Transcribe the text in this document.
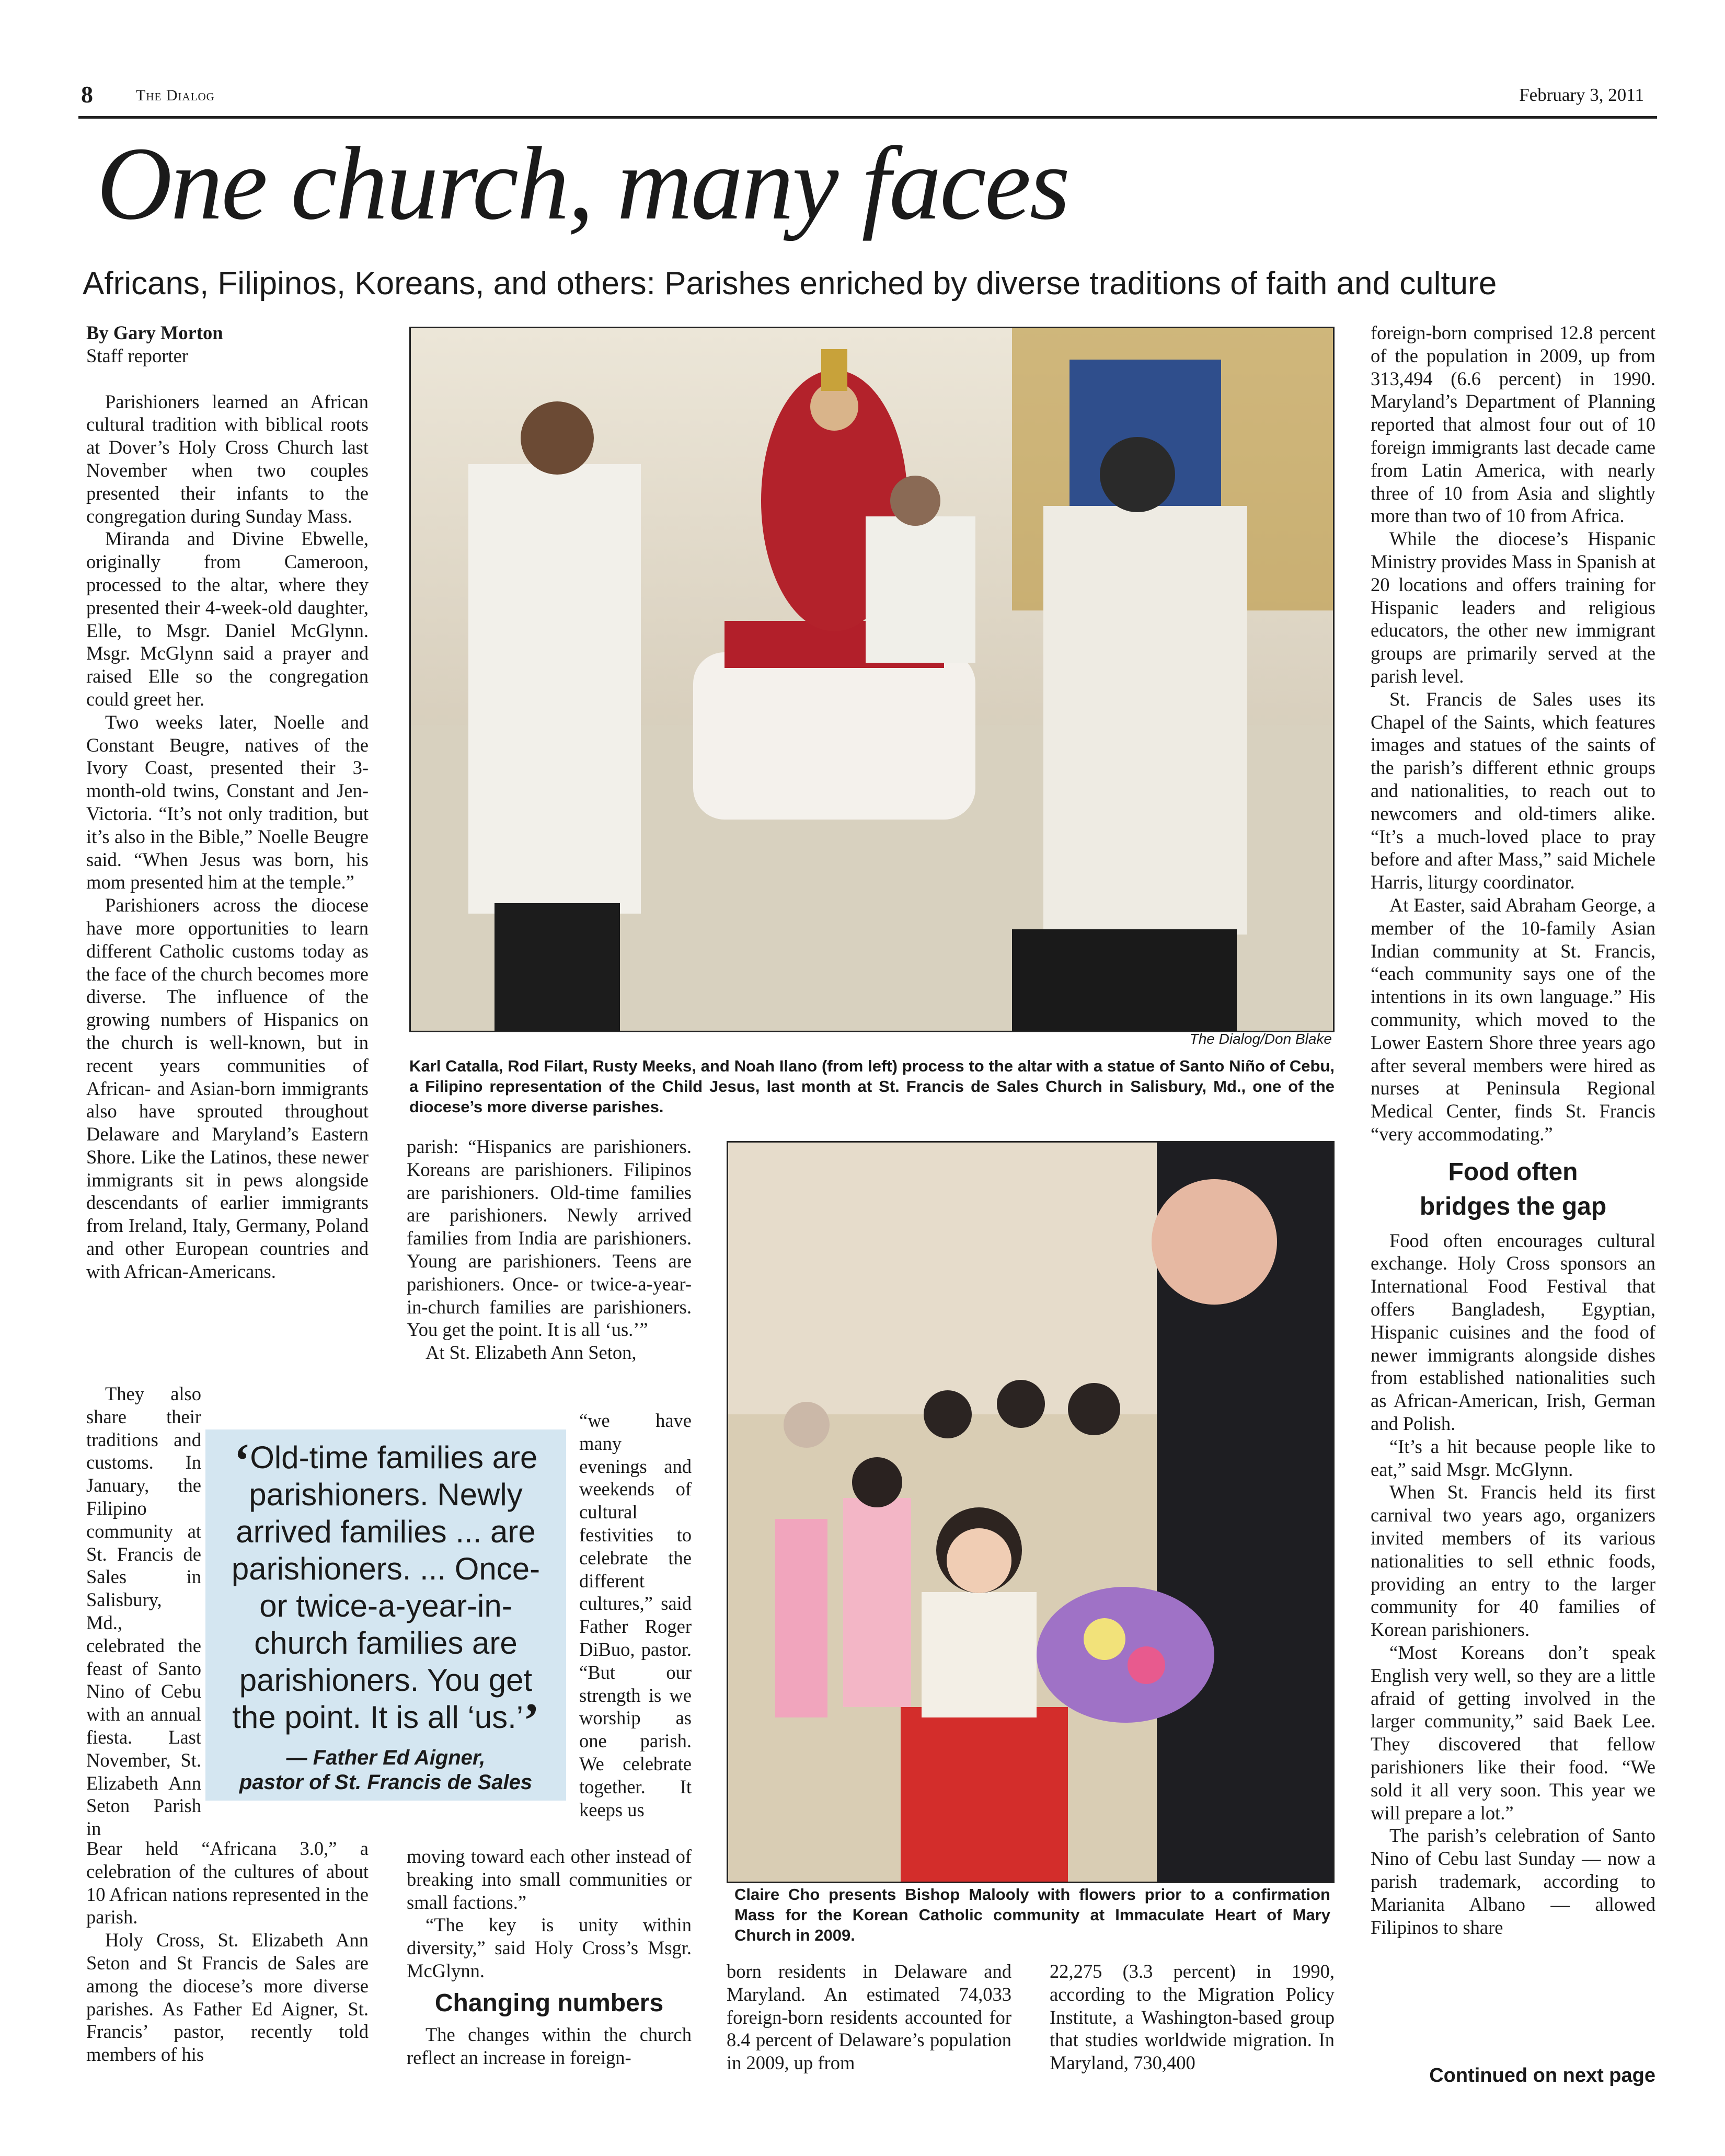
8	The Dialog	February 3, 2011
One church, many faces
Africans, Filipinos, Koreans, and others: Parishes enriched by diverse traditions of faith and culture

By Gary Morton

Staff reporter

Parishioners learned an African cultural tradition with biblical roots at Dover’s Holy Cross Church last November when two couples presented their infants to the congregation during Sunday Mass.

Miranda and Divine Ebwelle, originally from Cameroon, processed to the altar, where they presented their 4-week-old daughter, Elle, to Msgr. Daniel McGlynn. Msgr. McGlynn said a prayer and raised Elle so the congregation could greet her.

Two weeks later, Noelle and Constant Beugre, natives of the Ivory Coast, presented their 3-month-old twins, Constant and Jen-Victoria. “It’s not only tradition, but it’s also in the Bible,” Noelle Beugre said. “When Jesus was born, his mom presented him at the temple.”

Parishioners across the diocese have more opportunities to learn different Catholic customs today as the face of the church becomes more diverse. The influence of the growing numbers of Hispanics on the church is well-known, but in recent years communities of African- and Asian-born immigrants also have sprouted throughout Delaware and Maryland’s Eastern Shore. Like the Latinos, these newer immigrants sit in pews alongside descendants of earlier immigrants from Ireland, Italy, Germany, Poland and other European countries and with African-Americans.

They also share their traditions and customs. In January, the Filipino community at St. Francis de Sales in Salisbury, Md., celebrated the feast of Santo Nino of Cebu with an annual fiesta. Last November, St. Elizabeth Ann Seton Parish in

Bear held “Africana 3.0,” a celebration of the cultures of about 10 African nations represented in the parish.

Holy Cross, St. Elizabeth Ann Seton and St Francis de Sales are among the diocese’s more diverse parishes. As Father Ed Aigner, St. Francis’ pastor, recently told members of his

‘Old-time families are parishioners. Newly arrived families ... are parishioners. ... Once- or twice-a-year-in-church families are parishioners. You get the point. It is all ‘us.’’
— Father Ed Aigner,
pastor of St. Francis de Sales
The Dialog/Don Blake
Karl Catalla, Rod Filart, Rusty Meeks, and Noah Ilano (from left) process to the altar with a statue of Santo Niño of Cebu, a Filipino representation of the Child Jesus, last month at St. Francis de Sales Church in Salisbury, Md., one of the diocese’s more diverse parishes.

parish: “Hispanics are parishioners. Koreans are parishioners. Filipinos are parishioners. Old-time families are parishioners. Newly arrived families from India are parishioners. Young are parishioners. Teens are parishioners. Once- or twice-a-year-in-church families are parishioners. You get the point. It is all ‘us.’”

At St. Elizabeth Ann Seton,

“we have many evenings and weekends of cultural festivities to celebrate the different cultures,” said Father Roger DiBuo, pastor. “But our strength is we worship as one parish. We celebrate together. It keeps us

moving toward each other instead of breaking into small communities or small factions.”

“The key is unity within diversity,” said Holy Cross’s Msgr. McGlynn.

Changing numbers

The changes within the church reflect an increase in foreign-

Claire Cho presents Bishop Malooly with flowers prior to a confirmation Mass for the Korean Catholic community at Immaculate Heart of Mary Church in 2009.

born residents in Delaware and Maryland. An estimated 74,033 foreign-born residents accounted for 8.4 percent of Delaware’s population in 2009, up from

22,275 (3.3 percent) in 1990, according to the Migration Policy Institute, a Washington-based group that studies worldwide migration. In Maryland, 730,400

foreign-born comprised 12.8 percent of the population in 2009, up from 313,494 (6.6 percent) in 1990. Maryland’s Department of Planning reported that almost four out of 10 foreign immigrants last decade came from Latin America, with nearly three of 10 from Asia and slightly more than two of 10 from Africa.

While the diocese’s Hispanic Ministry provides Mass in Spanish at 20 locations and offers training for Hispanic leaders and religious educators, the other new immigrant groups are primarily served at the parish level.

St. Francis de Sales uses its Chapel of the Saints, which features images and statues of the saints of the parish’s different ethnic groups and nationalities, to reach out to newcomers and old-timers alike. “It’s a much-loved place to pray before and after Mass,” said Michele Harris, liturgy coordinator.

At Easter, said Abraham George, a member of the 10-family Asian Indian community at St. Francis, “each community says one of the intentions in its own language.” His community, which moved to the Lower Eastern Shore three years ago after several members were hired as nurses at Peninsula Regional Medical Center, finds St. Francis “very accommodating.”

Food often
bridges the gap

Food often encourages cultural exchange. Holy Cross sponsors an International Food Festival that offers Bangladesh, Egyptian, Hispanic cuisines and the food of newer immigrants alongside dishes from established nationalities such as African-American, Irish, German and Polish.

“It’s a hit because people like to eat,” said Msgr. McGlynn.

When St. Francis held its first carnival two years ago, organizers invited members of its various nationalities to sell ethnic foods, providing an entry to the larger community for 40 families of Korean parishioners.

“Most Koreans don’t speak English very well, so they are a little afraid of getting involved in the larger community,” said Baek Lee. They discovered that fellow parishioners like their food. “We sold it all very soon. This year we will prepare a lot.”

The parish’s celebration of Santo Nino of Cebu last Sunday — now a parish trademark, according to Marianita Albano — allowed Filipinos to share

Continued on next page
